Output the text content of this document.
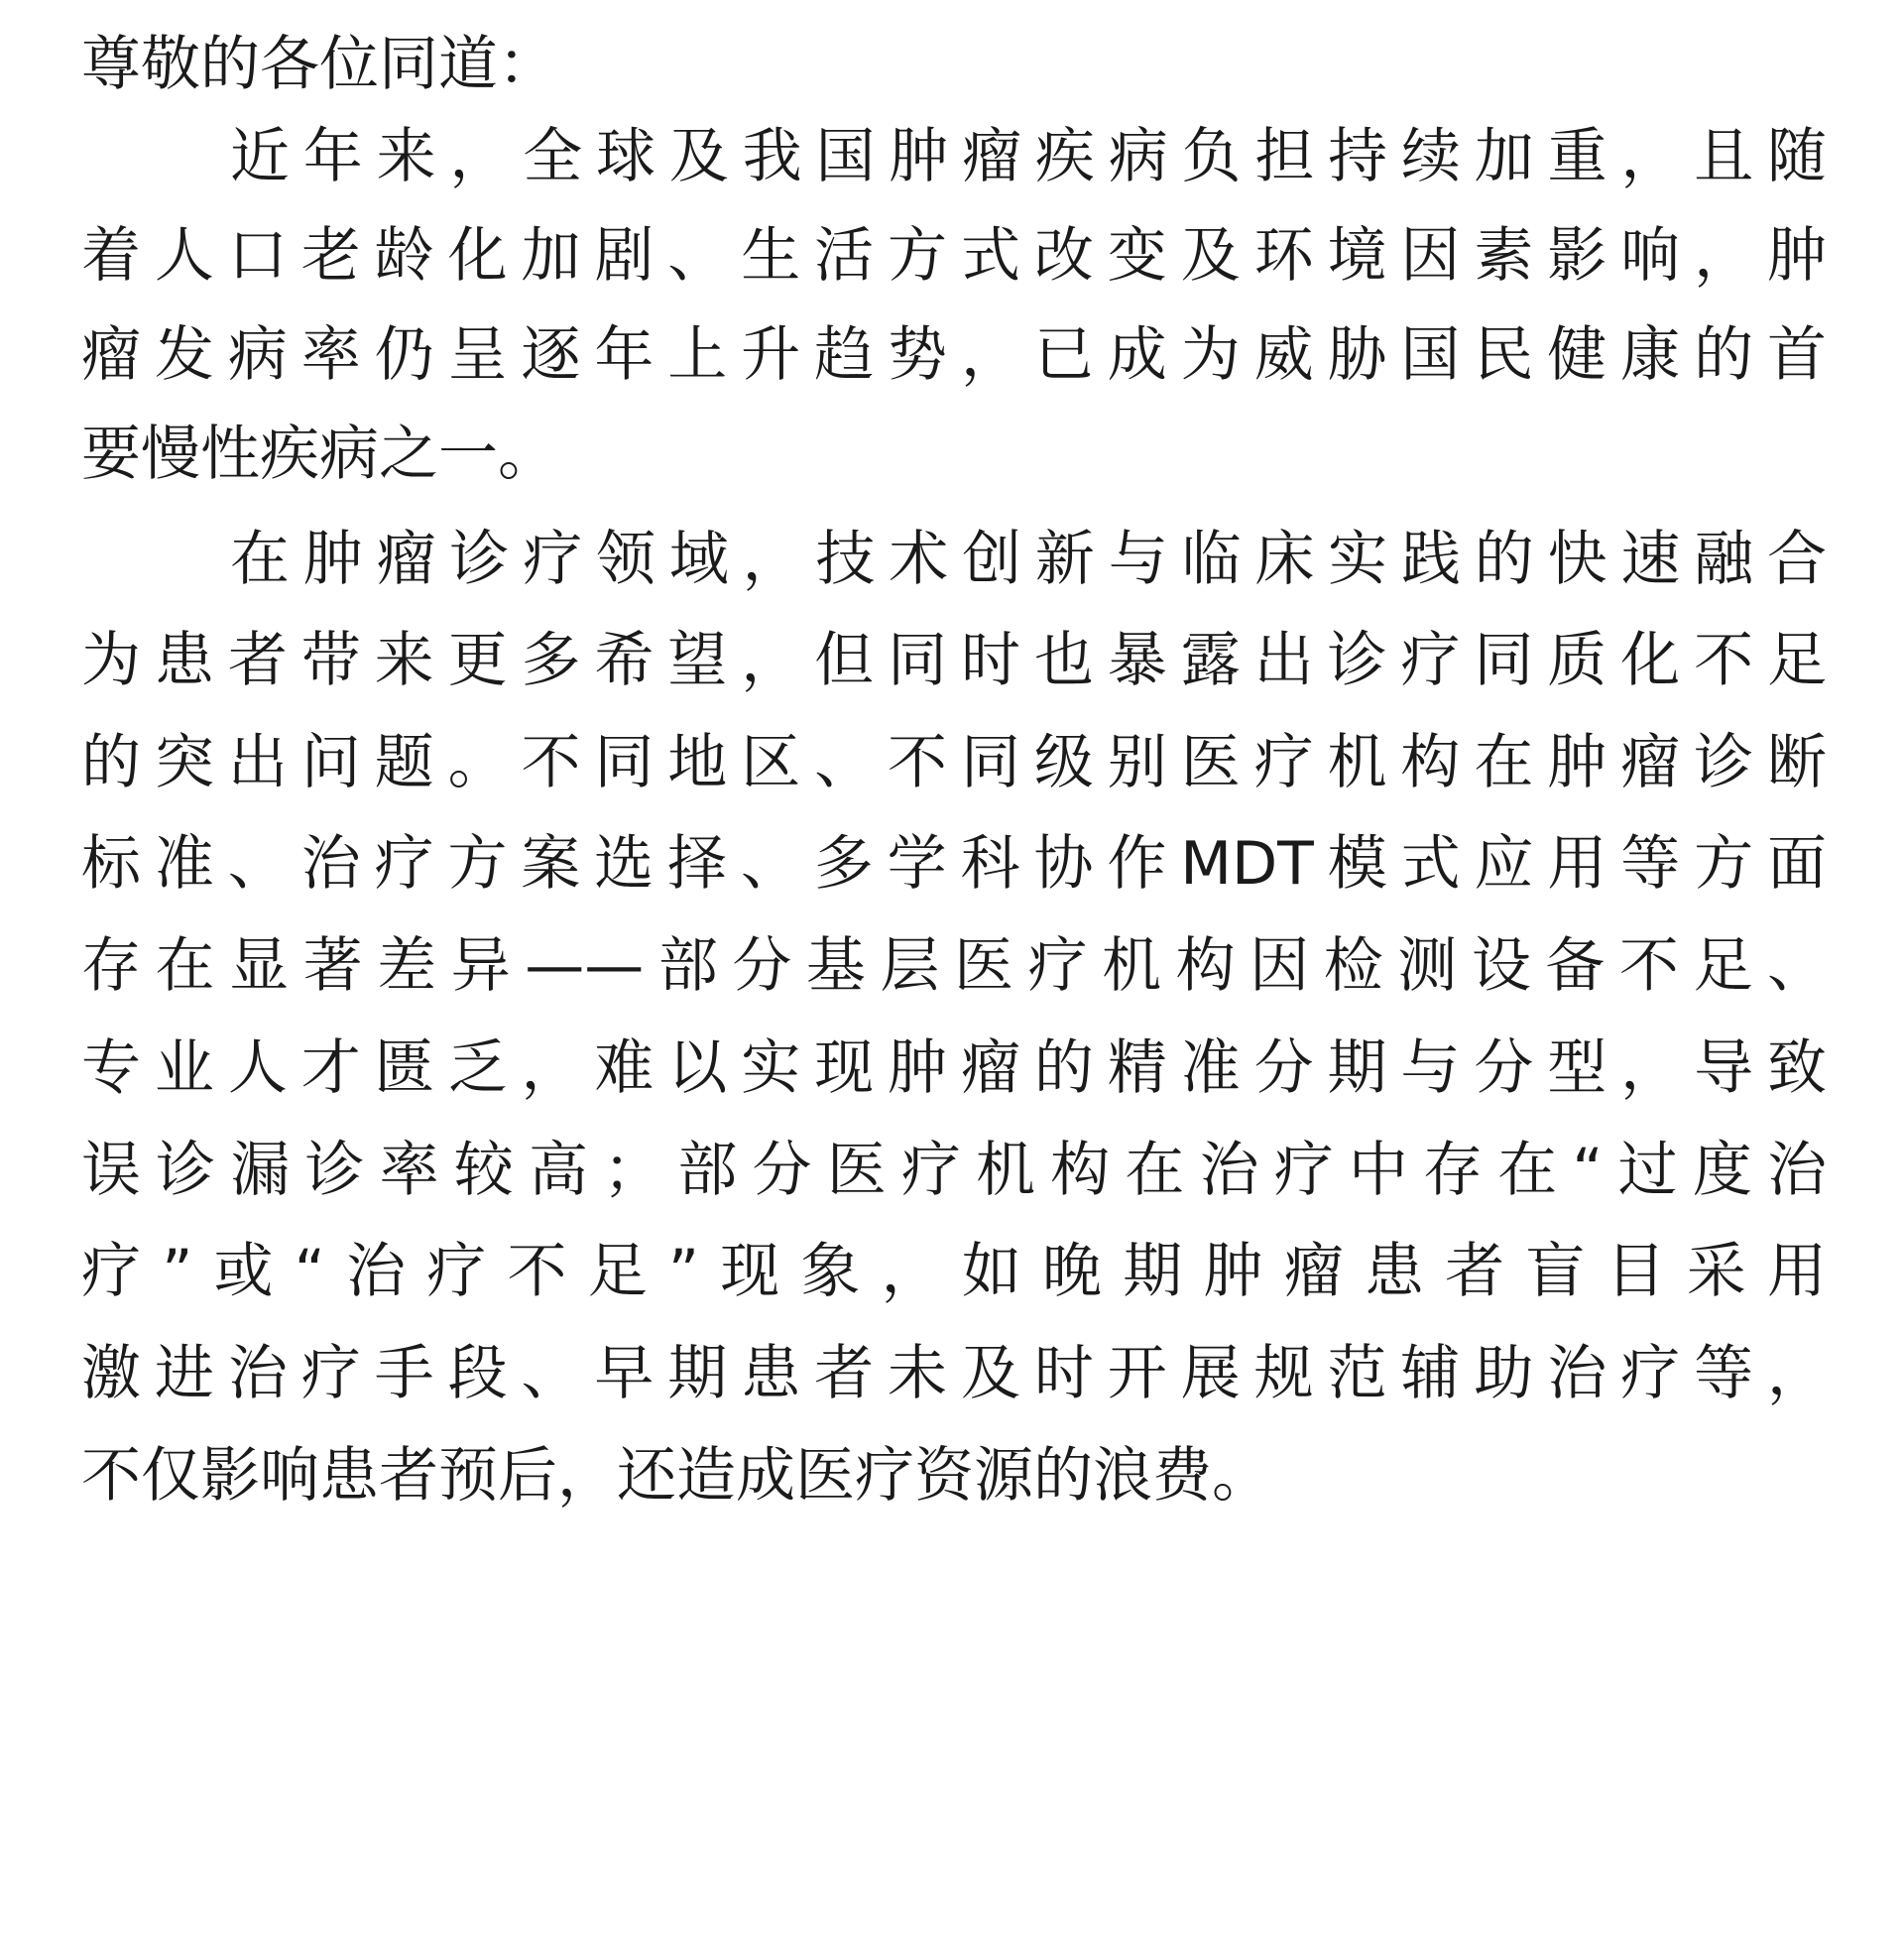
尊敬的各位同道：
近年来，全球及我国肿瘤疾病负担持续加重，且随
着人口老龄化加剧、生活方式改变及环境因素影响，肿
瘤发病率仍呈逐年上升趋势，已成为威胁国民健康的首
要慢性疾病之一。
在肿瘤诊疗领域，技术创新与临床实践的快速融合
为患者带来更多希望，但同时也暴露出诊疗同质化不足
的突出问题。不同地区、不同级别医疗机构在肿瘤诊断
标准、治疗方案选择、多学科协作MDT模式应用等方面
存在显著差异——部分基层医疗机构因检测设备不足、
专业人才匮乏，难以实现肿瘤的精准分期与分型，导致
误诊漏诊率较高；部分医疗机构在治疗中存在“过度治
疗”或“治疗不足”现象，如晚期肿瘤患者盲目采用
激进治疗手段、早期患者未及时开展规范辅助治疗等，
不仅影响患者预后，还造成医疗资源的浪费。
